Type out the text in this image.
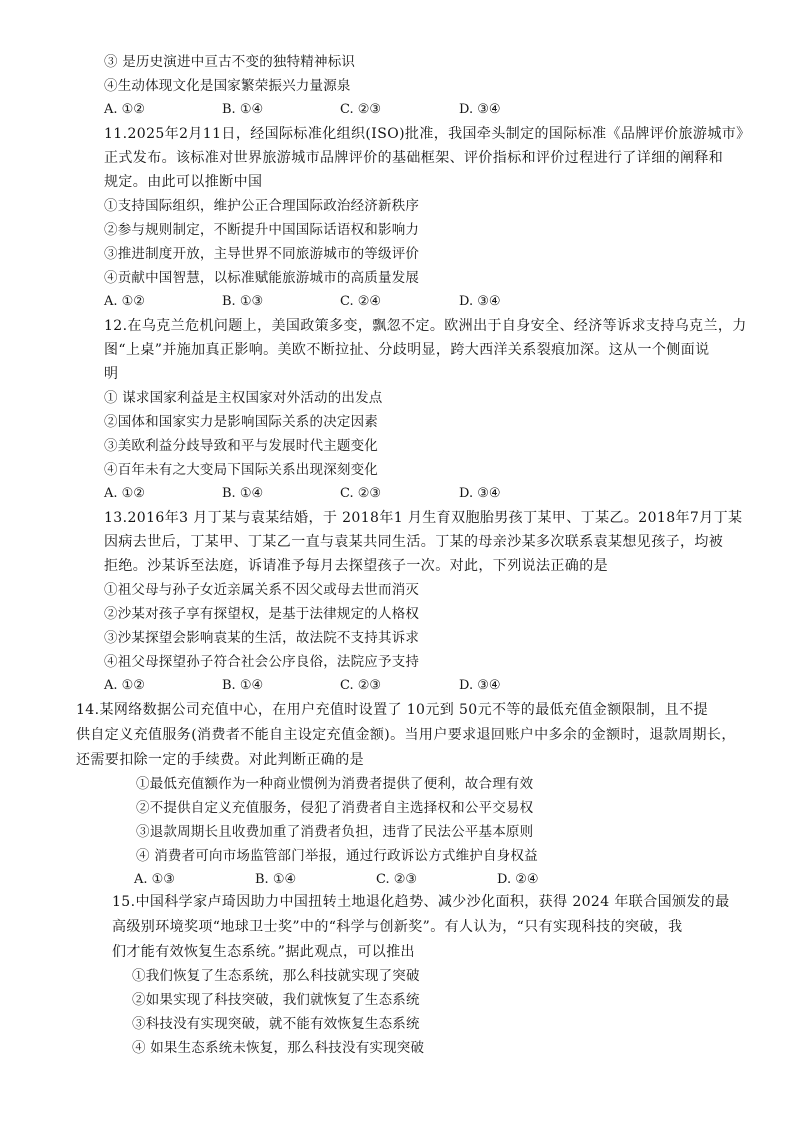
③ 是历史演进中亘古不变的独特精神标识
④生动体现文化是国家繁荣振兴力量源泉
A. ①②	B. ①④	C. ②③	D. ③④
11.2025年2月11日，经国际标准化组织(ISO)批准，我国牵头制定的国际标准《品牌评价旅游城市》
正式发布。该标准对世界旅游城市品牌评价的基础框架、评价指标和评价过程进行了详细的阐释和
规定。由此可以推断中国
①支持国际组织，维护公正合理国际政治经济新秩序
②参与规则制定，不断提升中国国际话语权和影响力
③推进制度开放，主导世界不同旅游城市的等级评价
④贡献中国智慧，以标准赋能旅游城市的高质量发展
A. ①②	B. ①③	C. ②④	D. ③④
12.在乌克兰危机问题上，美国政策多变，飘忽不定。欧洲出于自身安全、经济等诉求支持乌克兰，力
图“上桌”并施加真正影响。美欧不断拉扯、分歧明显，跨大西洋关系裂痕加深。这从一个侧面说
明
① 谋求国家利益是主权国家对外活动的出发点
②国体和国家实力是影响国际关系的决定因素
③美欧利益分歧导致和平与发展时代主题变化
④百年未有之大变局下国际关系出现深刻变化
A. ①②	B. ①④	C. ②③	D. ③④
13.2016年3 月丁某与袁某结婚，于 2018年1 月生育双胞胎男孩丁某甲、丁某乙。2018年7月丁某
因病去世后，丁某甲、丁某乙一直与袁某共同生活。丁某的母亲沙某多次联系袁某想见孩子，均被
拒绝。沙某诉至法庭，诉请准予每月去探望孩子一次。对此，下列说法正确的是
①祖父母与孙子女近亲属关系不因父或母去世而消灭
②沙某对孩子享有探望权，是基于法律规定的人格权
③沙某探望会影响袁某的生活，故法院不支持其诉求
④祖父母探望孙子符合社会公序良俗，法院应予支持
A. ①②	B. ①④	C. ②③	D. ③④
14.某网络数据公司充值中心，在用户充值时设置了 10元到 50元不等的最低充值金额限制，且不提
供自定义充值服务(消费者不能自主设定充值金额)。当用户要求退回账户中多余的金额时，退款周期长，
还需要扣除一定的手续费。对此判断正确的是
①最低充值额作为一种商业惯例为消费者提供了便利，故合理有效
②不提供自定义充值服务，侵犯了消费者自主选择权和公平交易权
③退款周期长且收费加重了消费者负担，违背了民法公平基本原则
④ 消费者可向市场监管部门举报，通过行政诉讼方式维护自身权益
A. ①③	B. ①④	C. ②③	D. ②④
15.中国科学家卢琦因助力中国扭转土地退化趋势、减少沙化面积，获得 2024 年联合国颁发的最
高级别环境奖项“地球卫士奖”中的“科学与创新奖”。有人认为，“只有实现科技的突破，我
们才能有效恢复生态系统。”据此观点，可以推出
①我们恢复了生态系统，那么科技就实现了突破
②如果实现了科技突破，我们就恢复了生态系统
③科技没有实现突破，就不能有效恢复生态系统
④ 如果生态系统未恢复，那么科技没有实现突破
